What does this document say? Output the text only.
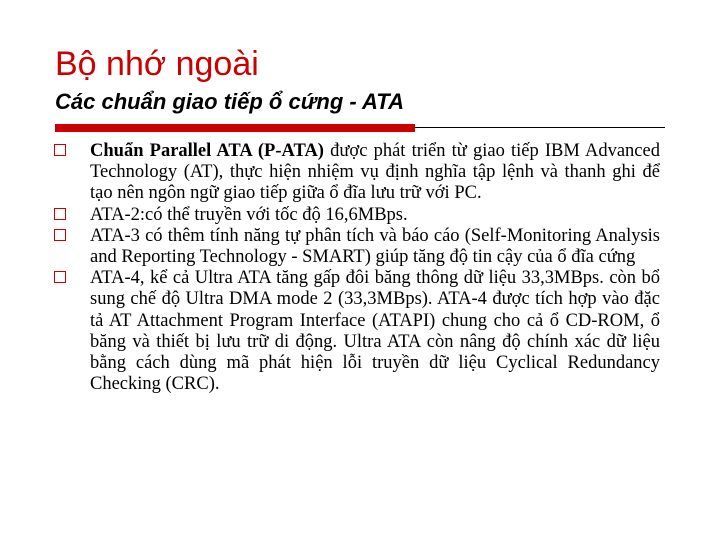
Bộ nhớ ngoài
Các chuẩn giao tiếp ổ cứng - ATA
Chuẩn Parallel ATA (P-ATA) được phát triển từ giao tiếp IBM Advanced Technology (AT), thực hiện nhiệm vụ định nghĩa tập lệnh và thanh ghi để tạo nên ngôn ngữ giao tiếp giữa ổ đĩa lưu trữ với PC.
ATA-2:có thể truyền với tốc độ 16,6MBps.
ATA-3 có thêm tính năng tự phân tích và báo cáo (Self-Monitoring Analysis and Reporting Technology - SMART) giúp tăng độ tin cậy của ổ đĩa cứng
ATA-4, kể cả Ultra ATA tăng gấp đôi băng thông dữ liệu 33,3MBps. còn bổ sung chế độ Ultra DMA mode 2 (33,3MBps). ATA-4 được tích hợp vào đặc tả AT Attachment Program Interface (ATAPI) chung cho cả ổ CD-ROM, ổ băng và thiết bị lưu trữ di động. Ultra ATA còn nâng độ chính xác dữ liệu bằng cách dùng mã phát hiện lỗi truyền dữ liệu Cyclical Redundancy Checking (CRC).
